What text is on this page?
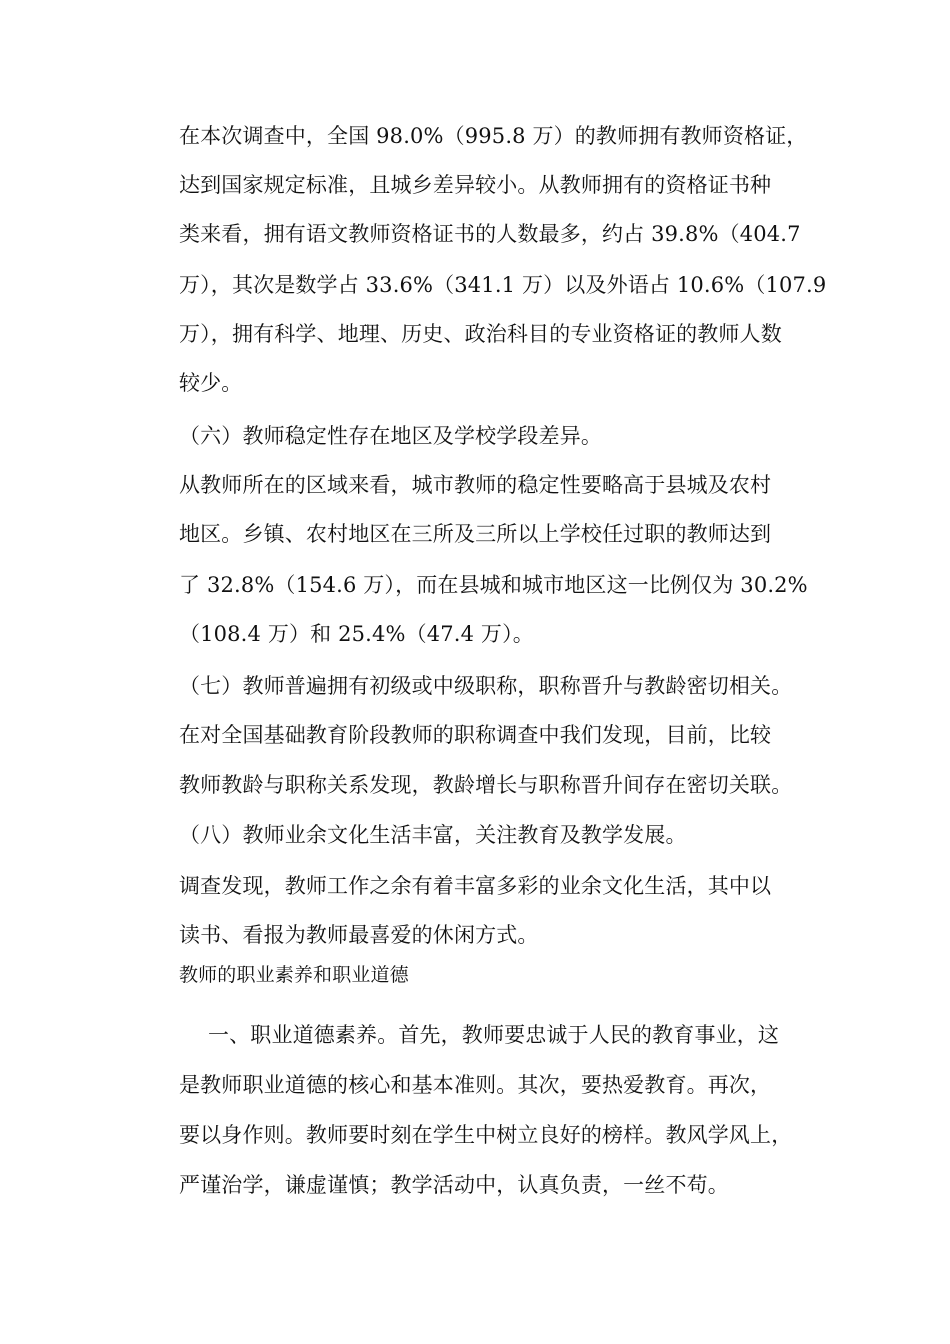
在本次调查中，全国 98.0%（995.8 万）的教师拥有教师资格证，
达到国家规定标准，且城乡差异较小。从教师拥有的资格证书种
类来看，拥有语文教师资格证书的人数最多，约占 39.8%（404.7
万），其次是数学占 33.6%（341.1 万）以及外语占 10.6%（107.9
万），拥有科学、地理、历史、政治科目的专业资格证的教师人数
较少。
（六）教师稳定性存在地区及学校学段差异。
从教师所在的区域来看，城市教师的稳定性要略高于县城及农村
地区。乡镇、农村地区在三所及三所以上学校任过职的教师达到
了 32.8%（154.6 万），而在县城和城市地区这一比例仅为 30.2%
（108.4 万）和 25.4%（47.4 万）。
（七）教师普遍拥有初级或中级职称，职称晋升与教龄密切相关。
在对全国基础教育阶段教师的职称调查中我们发现，目前，比较
教师教龄与职称关系发现，教龄增长与职称晋升间存在密切关联。
（八）教师业余文化生活丰富，关注教育及教学发展。
调查发现，教师工作之余有着丰富多彩的业余文化生活，其中以
读书、看报为教师最喜爱的休闲方式。
教师的职业素养和职业道德
一、职业道德素养。首先，教师要忠诚于人民的教育事业，这
是教师职业道德的核心和基本准则。其次，要热爱教育。再次，
要以身作则。教师要时刻在学生中树立良好的榜样。教风学风上，
严谨治学，谦虚谨慎；教学活动中，认真负责，一丝不苟。
